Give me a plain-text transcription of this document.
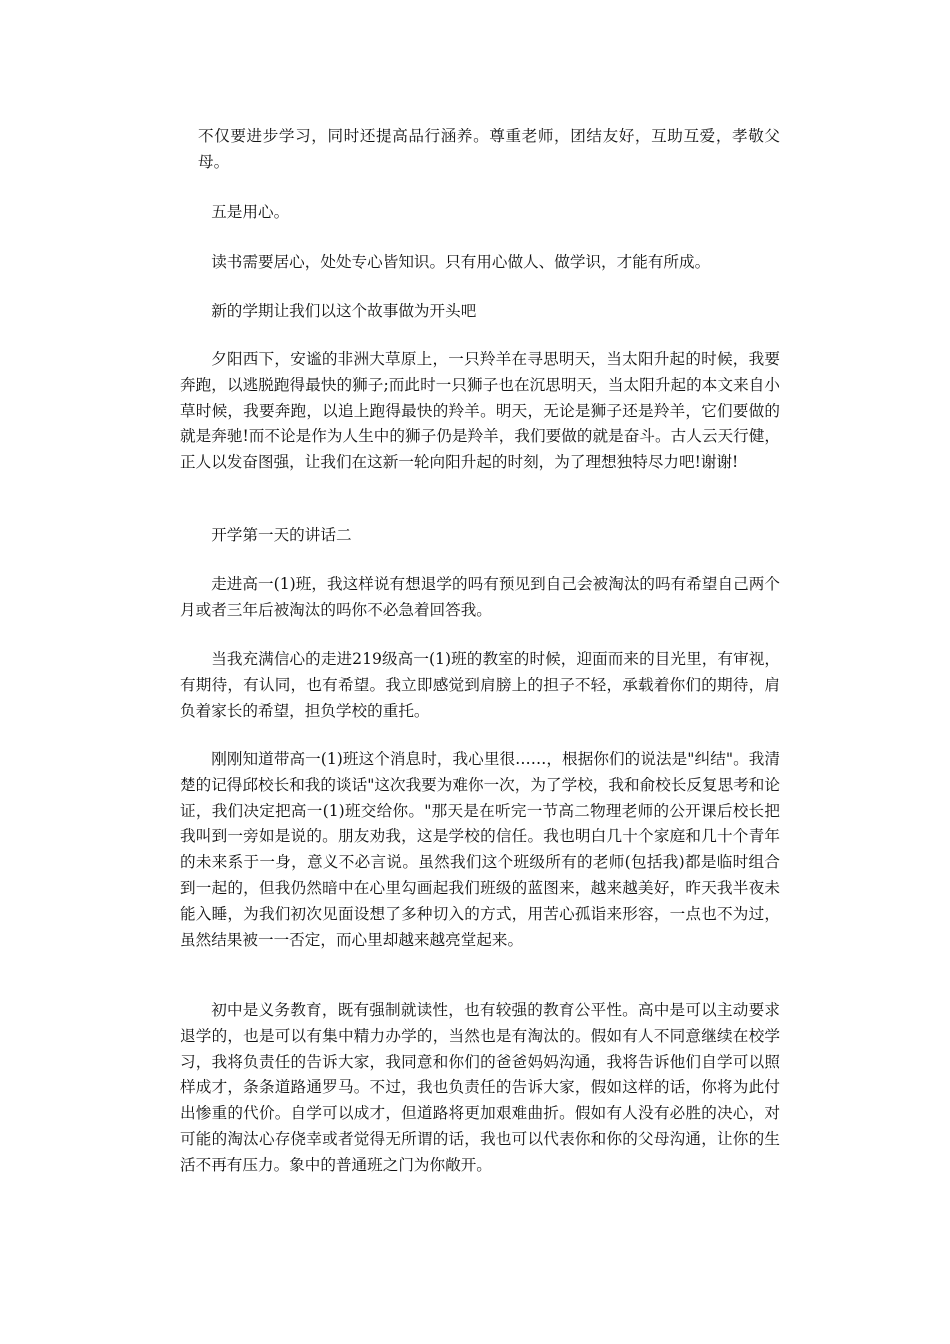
不仅要进步学习，同时还提高品行涵养。尊重老师，团结友好，互助互爱，孝敬父母。

五是用心。

读书需要居心，处处专心皆知识。只有用心做人、做学识，才能有所成。

新的学期让我们以这个故事做为开头吧

夕阳西下，安谧的非洲大草原上，一只羚羊在寻思明天，当太阳升起的时候，我要奔跑，以逃脱跑得最快的狮子;而此时一只狮子也在沉思明天，当太阳升起的本文来自小草时候，我要奔跑，以追上跑得最快的羚羊。明天，无论是狮子还是羚羊，它们要做的就是奔驰!而不论是作为人生中的狮子仍是羚羊，我们要做的就是奋斗。古人云天行健，正人以发奋图强，让我们在这新一轮向阳升起的时刻，为了理想独特尽力吧!谢谢!

开学第一天的讲话二

走进高一(1)班，我这样说有想退学的吗有预见到自己会被淘汰的吗有希望自己两个月或者三年后被淘汰的吗你不必急着回答我。

当我充满信心的走进219级高一(1)班的教室的时候，迎面而来的目光里，有审视，有期待，有认同，也有希望。我立即感觉到肩膀上的担子不轻，承载着你们的期待，肩负着家长的希望，担负学校的重托。

刚刚知道带高一(1)班这个消息时，我心里很……，根据你们的说法是"纠结"。我清楚的记得邱校长和我的谈话"这次我要为难你一次，为了学校，我和俞校长反复思考和论证，我们决定把高一(1)班交给你。"那天是在听完一节高二物理老师的公开课后校长把我叫到一旁如是说的。朋友劝我，这是学校的信任。我也明白几十个家庭和几十个青年的未来系于一身，意义不必言说。虽然我们这个班级所有的老师(包括我)都是临时组合到一起的，但我仍然暗中在心里勾画起我们班级的蓝图来，越来越美好，昨天我半夜未能入睡，为我们初次见面设想了多种切入的方式，用苦心孤诣来形容，一点也不为过，虽然结果被一一否定，而心里却越来越亮堂起来。

初中是义务教育，既有强制就读性，也有较强的教育公平性。高中是可以主动要求退学的，也是可以有集中精力办学的，当然也是有淘汰的。假如有人不同意继续在校学习，我将负责任的告诉大家，我同意和你们的爸爸妈妈沟通，我将告诉他们自学可以照样成才，条条道路通罗马。不过，我也负责任的告诉大家，假如这样的话，你将为此付出惨重的代价。自学可以成才，但道路将更加艰难曲折。假如有人没有必胜的决心，对可能的淘汰心存侥幸或者觉得无所谓的话，我也可以代表你和你的父母沟通，让你的生活不再有压力。象中的普通班之门为你敞开。
